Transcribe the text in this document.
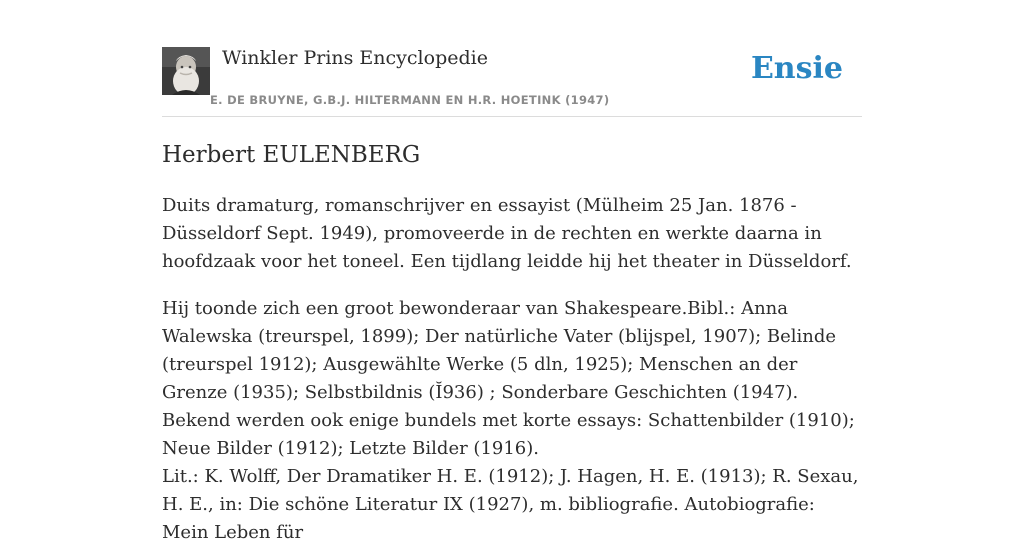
Winkler Prins Encyclopedie
E. DE BRUYNE, G.B.J. HILTERMANN EN H.R. HOETINK (1947)
Ensie
Herbert EULENBERG

Duits dramaturg, romanschrijver en essayist (Mülheim 25 Jan. 1876 - Düsseldorf Sept. 1949), promoveerde in de rechten en werkte daarna in hoofdzaak voor het toneel. Een tijdlang leidde hij het theater in Düsseldorf.

Hij toonde zich een groot bewonderaar van Shakespeare.Bibl.: Anna Walewska (treurspel, 1899); Der natürliche Vater (blijspel, 1907); Belinde (treurspel 1912); Ausgewählte Werke (5 dln, 1925); Menschen an der Grenze (1935); Selbstbildnis (Ĭ936) ; Sonderbare Geschichten (1947). Bekend werden ook enige bundels met korte essays: Schattenbilder (1910); Neue Bilder (1912); Letzte Bilder (1916).

Lit.: K. Wolff, Der Dramatiker H. E. (1912); J. Hagen, H. E. (1913); R. Sexau, H. E., in: Die schöne Literatur IX (1927), m. bibliografie. Autobiografie: Mein Leben für
